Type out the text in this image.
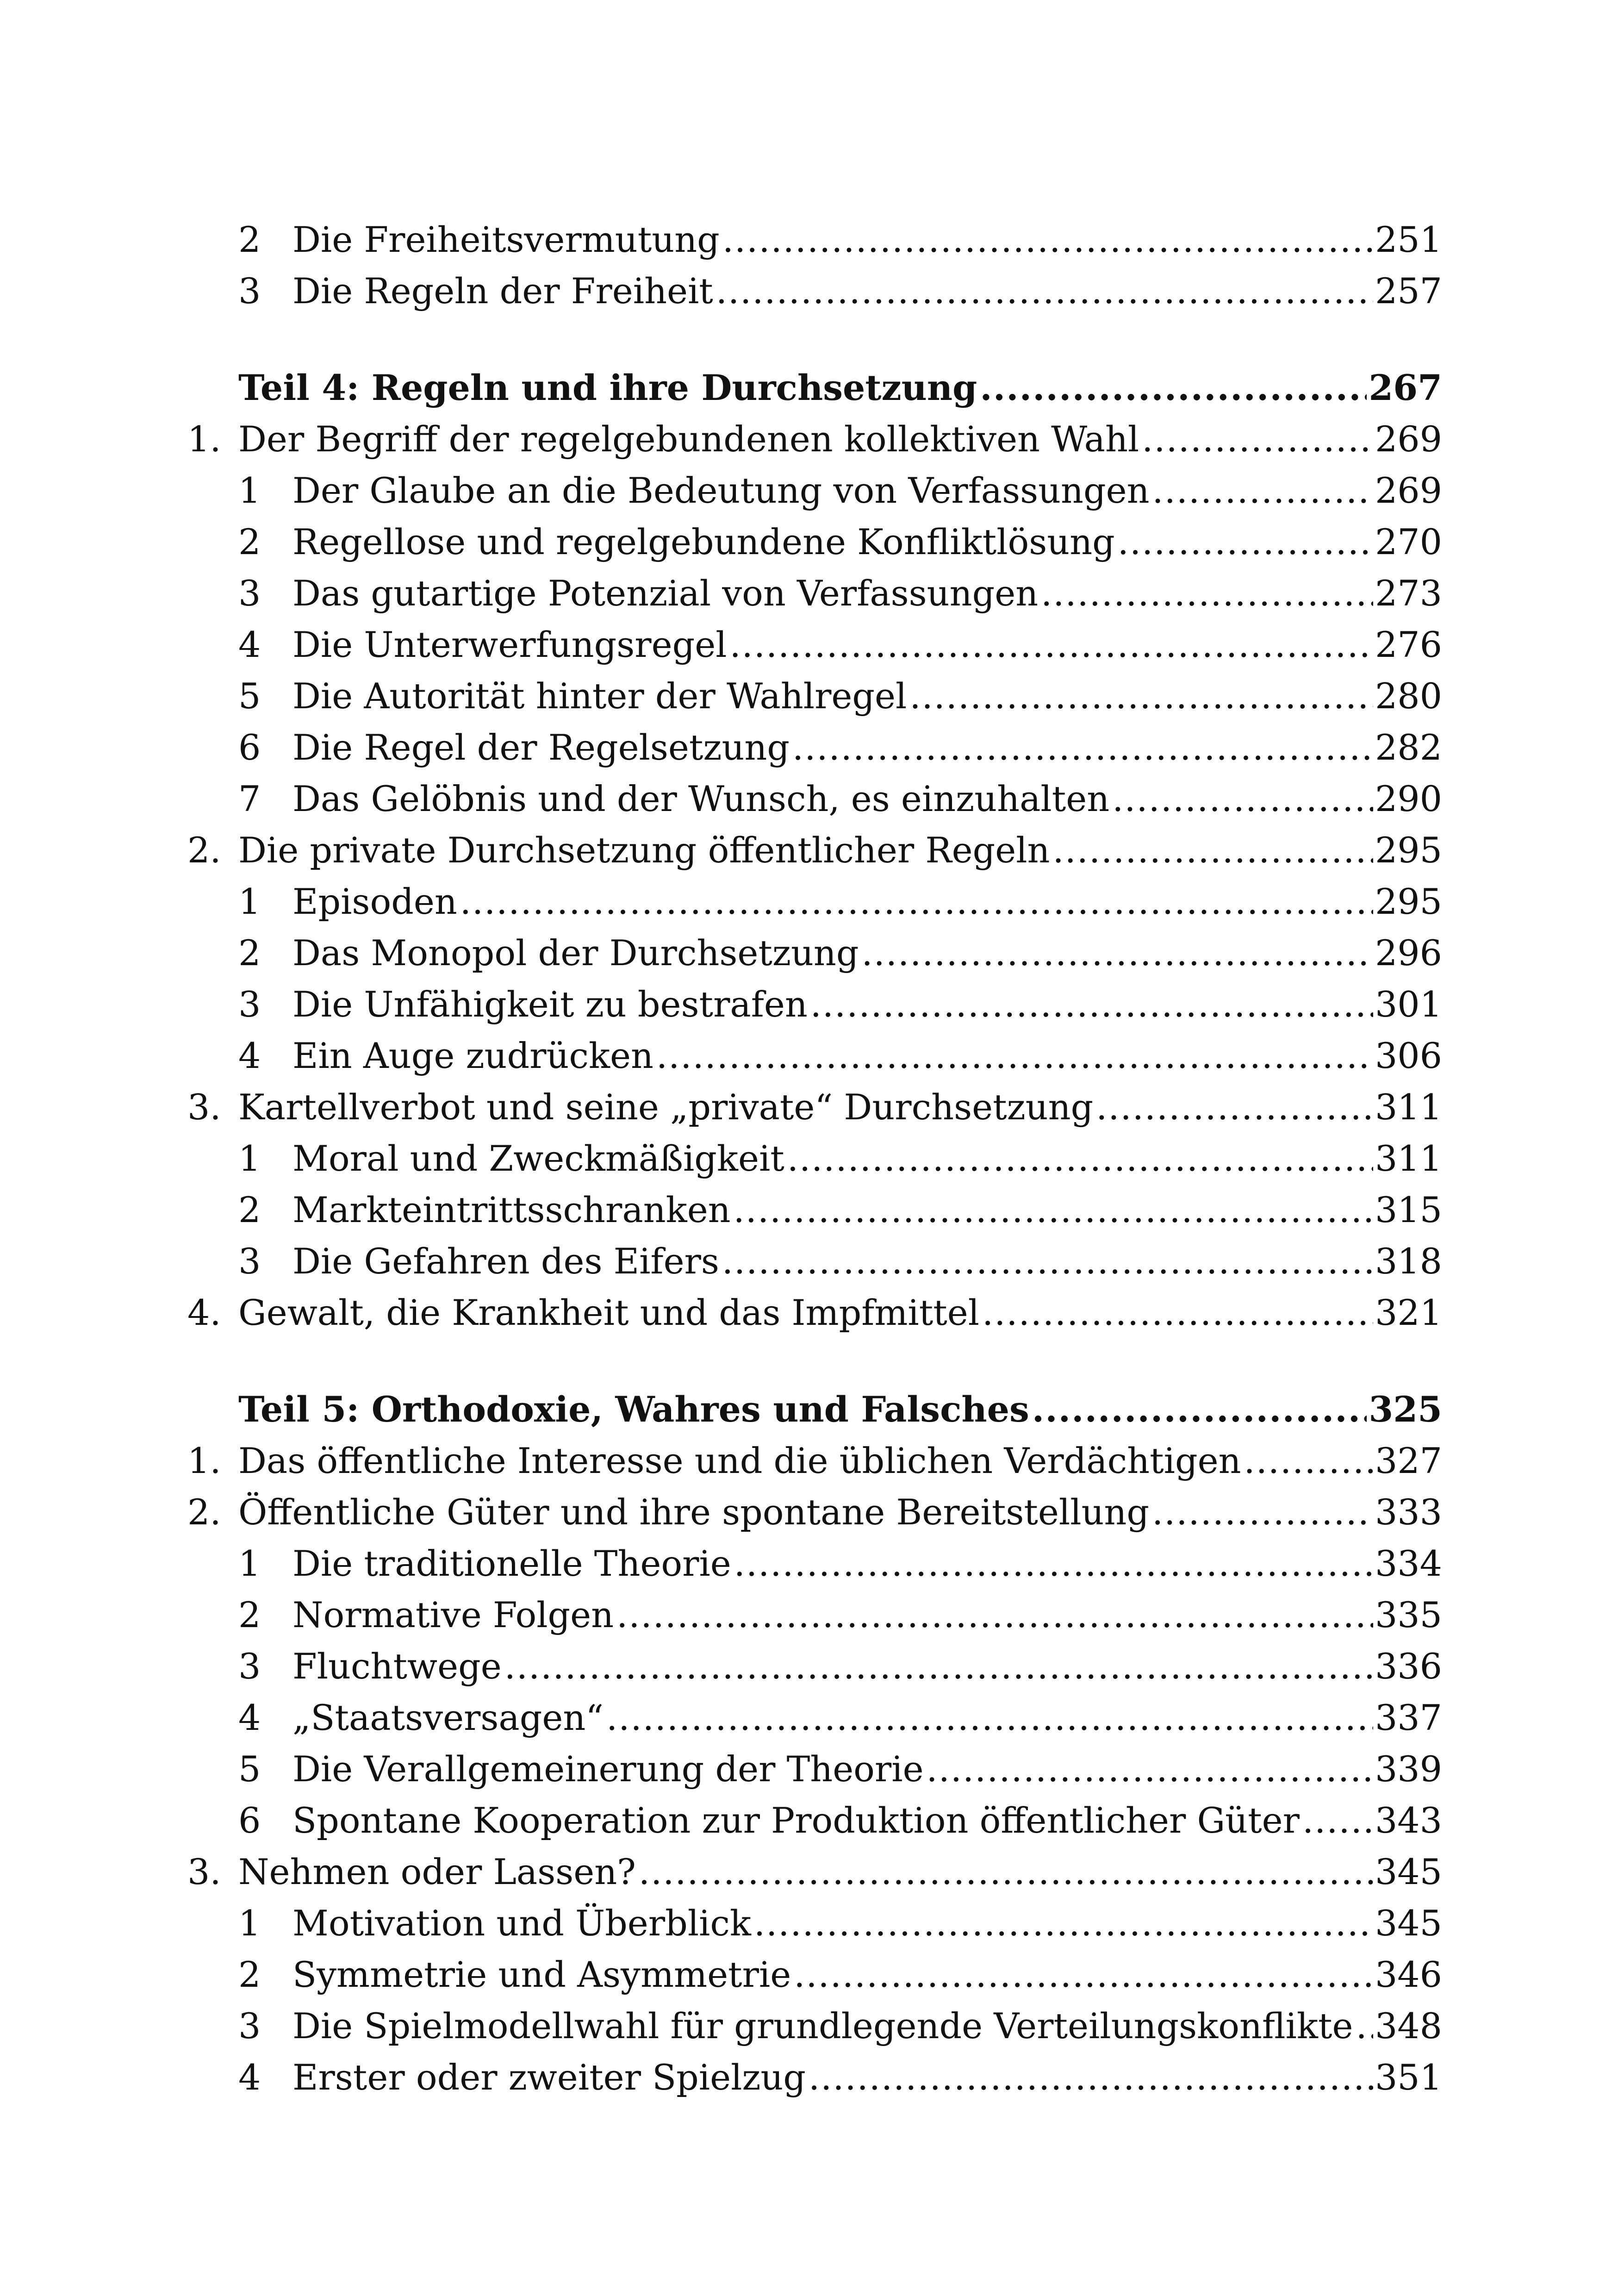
2 Die Freiheitsvermutung .....	251
3 Die Regeln der Freiheit .....	257
Teil 4: Regeln und ihre Durchsetzung .....	267
1. Der Begriff der regelgebundenen kollektiven Wahl .....	269
1 Der Glaube an die Bedeutung von Verfassungen .....	269
2 Regellose und regelgebundene Konfliktlösung .....	270
3 Das gutartige Potenzial von Verfassungen .....	273
4 Die Unterwerfungsregel .....	276
5 Die Autorität hinter der Wahlregel .....	280
6 Die Regel der Regelsetzung .....	282
7 Das Gelöbnis und der Wunsch, es einzuhalten .....	290
2. Die private Durchsetzung öffentlicher Regeln .....	295
1 Episoden .....	295
2 Das Monopol der Durchsetzung .....	296
3 Die Unfähigkeit zu bestrafen .....	301
4 Ein Auge zudrücken .....	306
3. Kartellverbot und seine „private“ Durchsetzung .....	311
1 Moral und Zweckmäßigkeit .....	311
2 Markteintrittsschranken .....	315
3 Die Gefahren des Eifers .....	318
4. Gewalt, die Krankheit und das Impfmittel .....	321
Teil 5: Orthodoxie, Wahres und Falsches .....	325
1. Das öffentliche Interesse und die üblichen Verdächtigen .....	327
2. Öffentliche Güter und ihre spontane Bereitstellung .....	333
1 Die traditionelle Theorie .....	334
2 Normative Folgen .....	335
3 Fluchtwege .....	336
4 „Staatsversagen“ .....	337
5 Die Verallgemeinerung der Theorie .....	339
6 Spontane Kooperation zur Produktion öffentlicher Güter ..... 343
3. Nehmen oder Lassen? .....	345
1 Motivation und Überblick .....	345
2 Symmetrie und Asymmetrie .....	346
3 Die Spielmodellwahl für grundlegende Verteilungskonflikte ..... 348
4 Erster oder zweiter Spielzug .....	351
